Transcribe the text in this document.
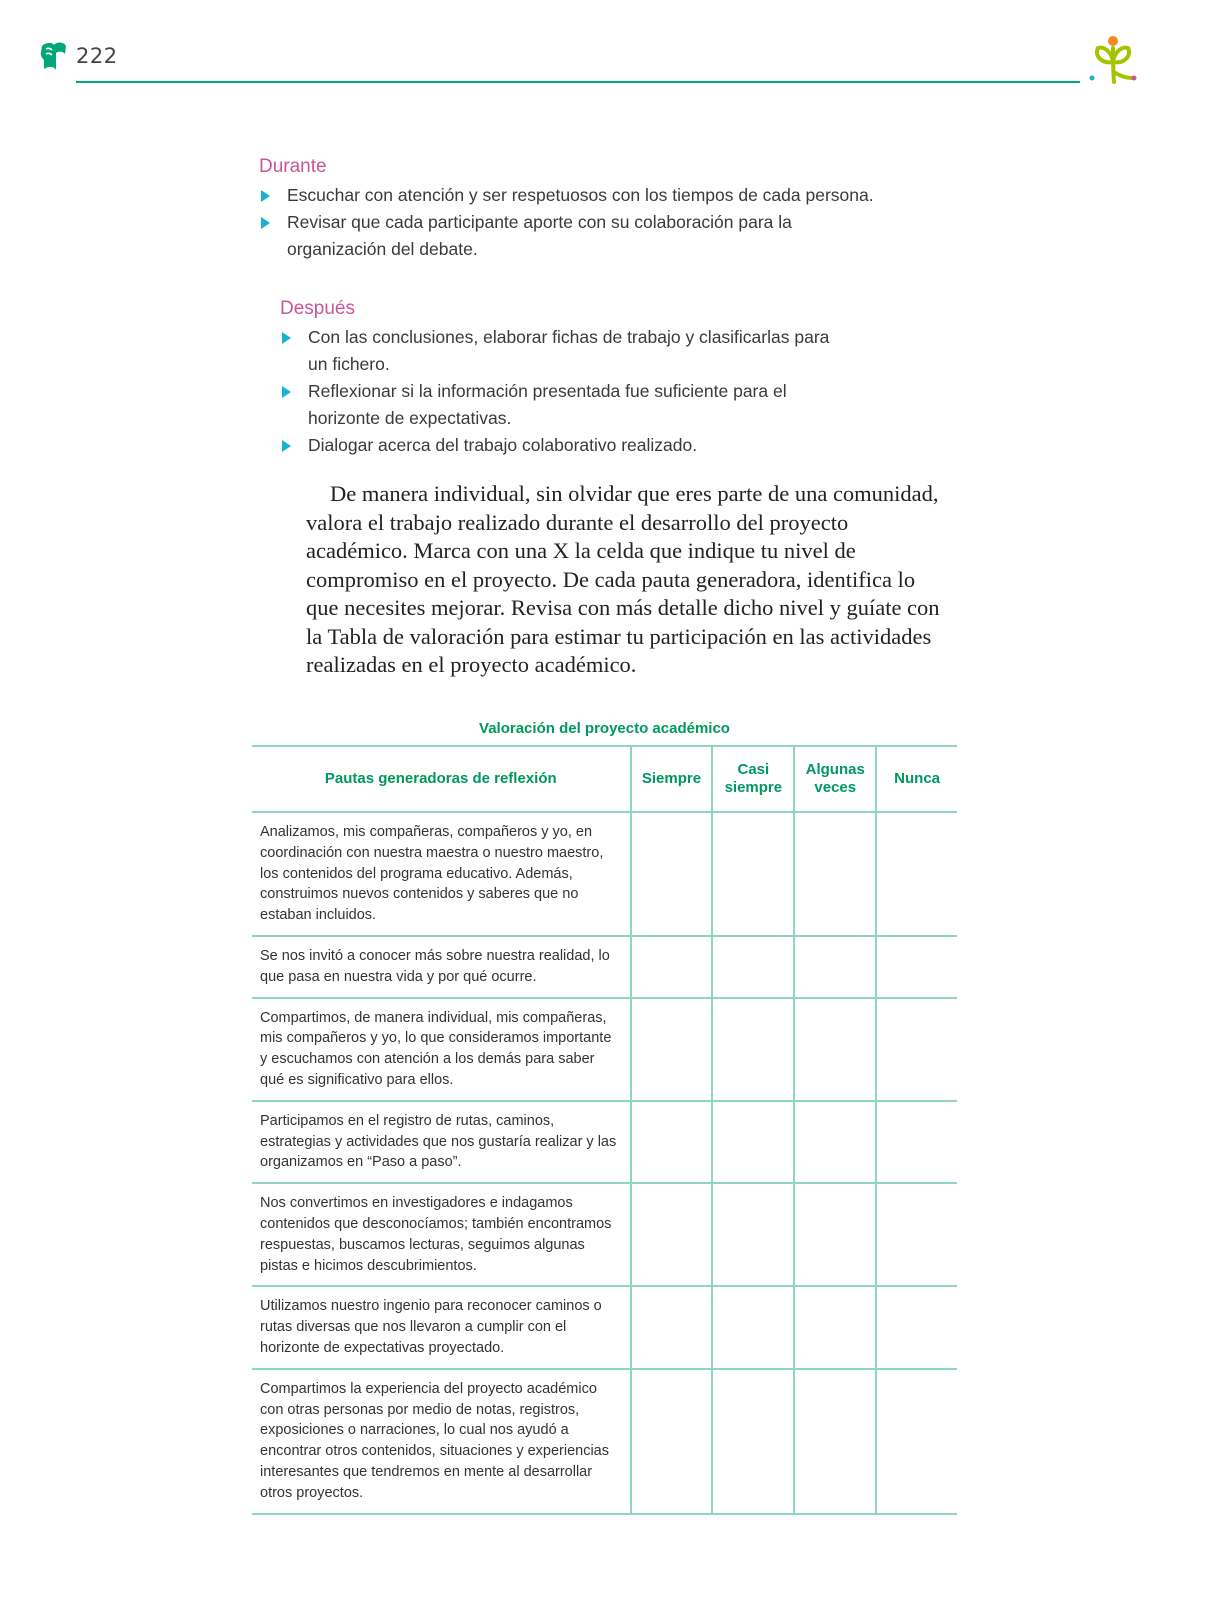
222
Durante
Escuchar con atención y ser respetuosos con los tiempos de cada persona.
Revisar que cada participante aporte con su colaboración para la organización del debate.
Después
Con las conclusiones, elaborar fichas de trabajo y clasificarlas para un fichero.
Reflexionar si la información presentada fue suficiente para el horizonte de expectativas.
Dialogar acerca del trabajo colaborativo realizado.

De manera individual, sin olvidar que eres parte de una comunidad, valora el trabajo realizado durante el desarrollo del proyecto académico. Marca con una X la celda que indique tu nivel de compromiso en el proyecto. De cada pauta generadora, identifica lo que necesites mejorar. Revisa con más detalle dicho nivel y guíate con la Tabla de valoración para estimar tu participación en las actividades realizadas en el proyecto académico.

Valoración del proyecto académico
Pautas generadoras de reflexión	Siempre	Casi siempre	Algunas veces	Nunca
Analizamos, mis compañeras, compañeros y yo, en coordinación con nuestra maestra o nuestro maestro, los contenidos del programa educativo. Además, construimos nuevos contenidos y saberes que no estaban incluidos.				
Se nos invitó a conocer más sobre nuestra realidad, lo que pasa en nuestra vida y por qué ocurre.				
Compartimos, de manera individual, mis compañeras, mis compañeros y yo, lo que consideramos importante y escuchamos con atención a los demás para saber qué es significativo para ellos.				
Participamos en el registro de rutas, caminos, estrategias y actividades que nos gustaría realizar y las organizamos en “Paso a paso”.				
Nos convertimos en investigadores e indagamos contenidos que desconocíamos; también encontramos respuestas, buscamos lecturas, seguimos algunas pistas e hicimos descubrimientos.				
Utilizamos nuestro ingenio para reconocer caminos o rutas diversas que nos llevaron a cumplir con el horizonte de expectativas proyectado.				
Compartimos la experiencia del proyecto académico con otras personas por medio de notas, registros, exposiciones o narraciones, lo cual nos ayudó a encontrar otros contenidos, situaciones y experiencias interesantes que tendremos en mente al desarrollar otros proyectos.				
